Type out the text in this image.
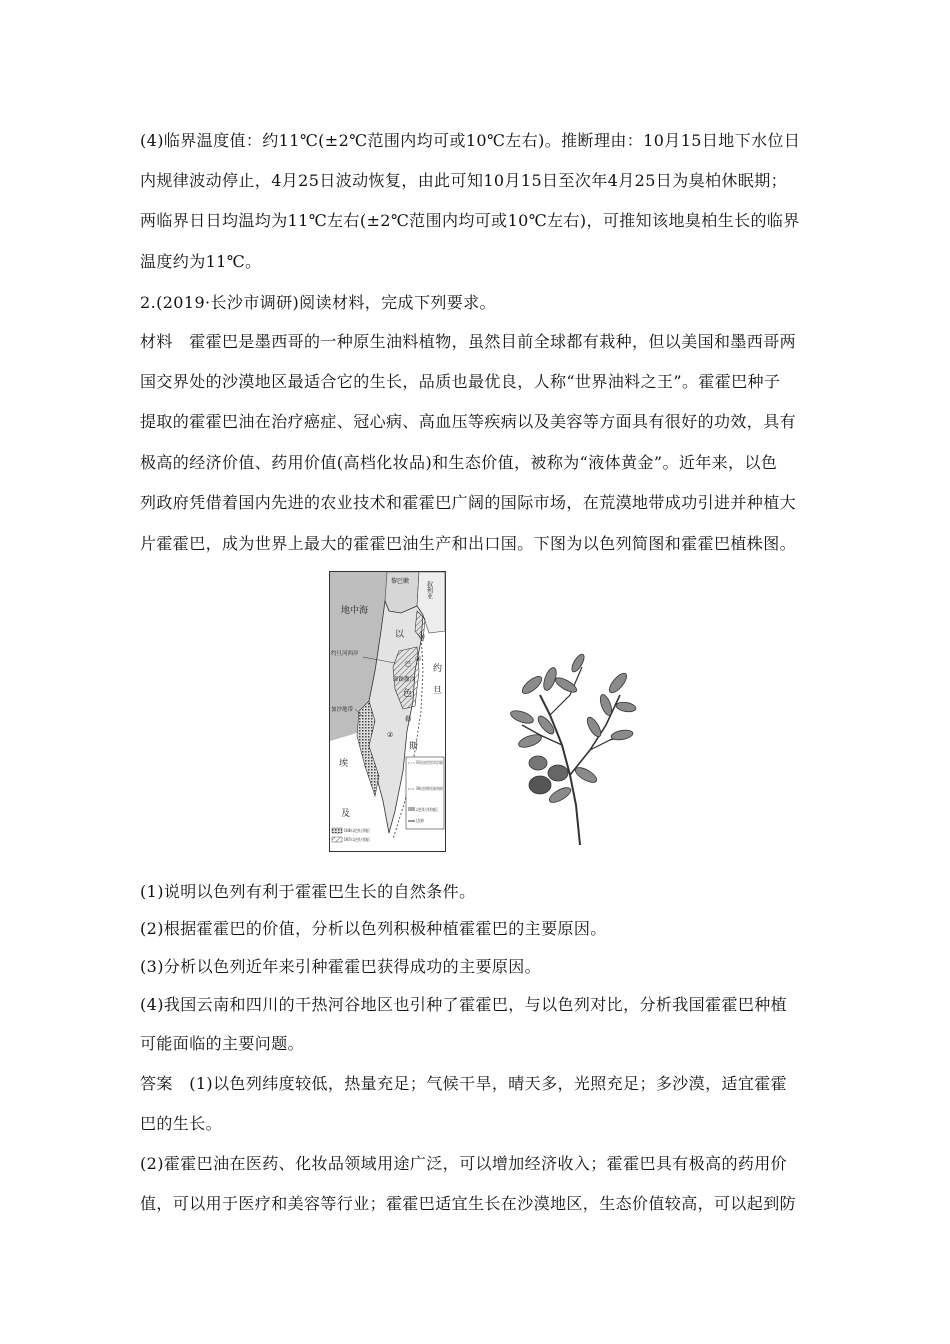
(4)临界温度值：约11℃(±2℃范围内均可或10℃左右)。推断理由：10月15日地下水位日
内规律波动停止，4月25日波动恢复，由此可知10月15日至次年4月25日为臭柏休眠期；
两临界日日均温均为11℃左右(±2℃范围内均可或10℃左右)，可推知该地臭柏生长的临界
温度约为11℃。
2.(2019·长沙市调研)阅读材料，完成下列要求。
材料　霍霍巴是墨西哥的一种原生油料植物，虽然目前全球都有栽种，但以美国和墨西哥两
国交界处的沙漠地区最适合它的生长，品质也最优良，人称“世界油料之王”。霍霍巴种子
提取的霍霍巴油在治疗癌症、冠心病、高血压等疾病以及美容等方面具有很好的功效，具有
极高的经济价值、药用价值(高档化妆品)和生态价值，被称为“液体黄金”。近年来，以色
列政府凭借着国内先进的农业技术和霍霍巴广阔的国际市场，在荒漠地带成功引进并种植大
片霍霍巴，成为世界上最大的霍霍巴油生产和出口国。下图为以色列简图和霍霍巴植株图。
地中海
黎巴嫩	叙利亚
以
色
巴
勒
斯
约旦河西岸
耶路撒冷
加沙地带
约
旦
埃
及
①
②
③
1947年联合国分治决议规定的“阿拉伯国”①和“犹太国”②的疆界线
1949年以色列和阿拉伯国家的停战界线
以色列占领的地区
边界
1948年以色列占领地区
1967年以色列占领地区
(1)说明以色列有利于霍霍巴生长的自然条件。
(2)根据霍霍巴的价值，分析以色列积极种植霍霍巴的主要原因。
(3)分析以色列近年来引种霍霍巴获得成功的主要原因。
(4)我国云南和四川的干热河谷地区也引种了霍霍巴，与以色列对比，分析我国霍霍巴种植
可能面临的主要问题。
答案　(1)以色列纬度较低，热量充足；气候干旱，晴天多，光照充足；多沙漠，适宜霍霍
巴的生长。
(2)霍霍巴油在医药、化妆品领域用途广泛，可以增加经济收入；霍霍巴具有极高的药用价
值，可以用于医疗和美容等行业；霍霍巴适宜生长在沙漠地区，生态价值较高，可以起到防
